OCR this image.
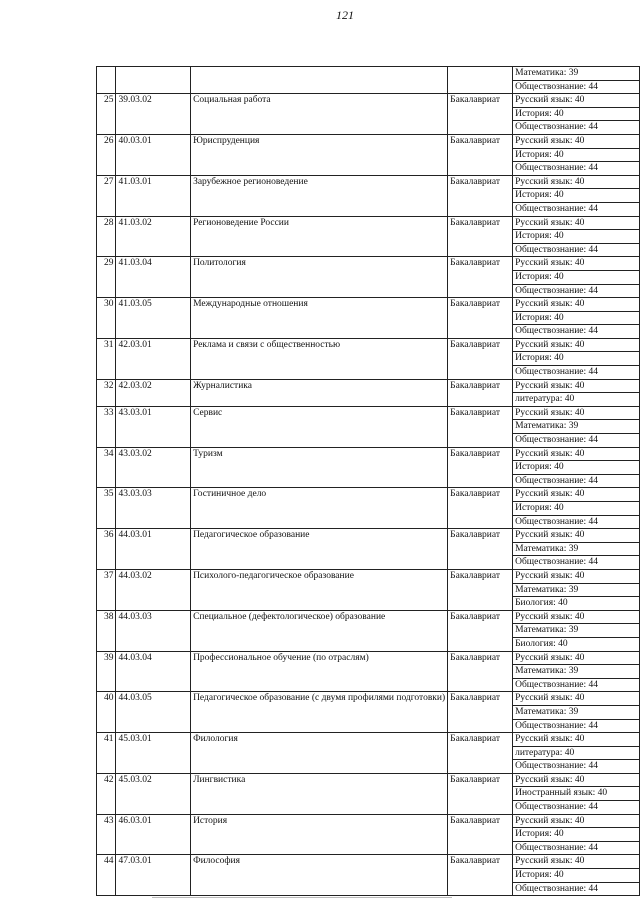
121
				Математика: 39
				Обществознание: 44
25	39.03.02	Социальная работа	Бакалавриат	Русский язык: 40
				История: 40
				Обществознание: 44
26	40.03.01	Юриспруденция	Бакалавриат	Русский язык: 40
				История: 40
				Обществознание: 44
27	41.03.01	Зарубежное регионоведение	Бакалавриат	Русский язык: 40
				История: 40
				Обществознание: 44
28	41.03.02	Регионоведение России	Бакалавриат	Русский язык: 40
				История: 40
				Обществознание: 44
29	41.03.04	Политология	Бакалавриат	Русский язык: 40
				История: 40
				Обществознание: 44
30	41.03.05	Международные отношения	Бакалавриат	Русский язык: 40
				История: 40
				Обществознание: 44
31	42.03.01	Реклама и связи с общественностью	Бакалавриат	Русский язык: 40
				История: 40
				Обществознание: 44
32	42.03.02	Журналистика	Бакалавриат	Русский язык: 40
				литература: 40
33	43.03.01	Сервис	Бакалавриат	Русский язык: 40
				Математика: 39
				Обществознание: 44
34	43.03.02	Туризм	Бакалавриат	Русский язык: 40
				История: 40
				Обществознание: 44
35	43.03.03	Гостиничное дело	Бакалавриат	Русский язык: 40
				История: 40
				Обществознание: 44
36	44.03.01	Педагогическое образование	Бакалавриат	Русский язык: 40
				Математика: 39
				Обществознание: 44
37	44.03.02	Психолого-педагогическое образование	Бакалавриат	Русский язык: 40
				Математика: 39
				Биология: 40
38	44.03.03	Специальное (дефектологическое) образование	Бакалавриат	Русский язык: 40
				Математика: 39
				Биология: 40
39	44.03.04	Профессиональное обучение (по отраслям)	Бакалавриат	Русский язык: 40
				Математика: 39
				Обществознание: 44
40	44.03.05	Педагогическое образование (с двумя профилями подготовки)	Бакалавриат	Русский язык: 40
				Математика: 39
				Обществознание: 44
41	45.03.01	Филология	Бакалавриат	Русский язык: 40
				литература: 40
				Обществознание: 44
42	45.03.02	Лингвистика	Бакалавриат	Русский язык: 40
				Иностранный язык: 40
				Обществознание: 44
43	46.03.01	История	Бакалавриат	Русский язык: 40
				История: 40
				Обществознание: 44
44	47.03.01	Философия	Бакалавриат	Русский язык: 40
				История: 40
				Обществознание: 44
